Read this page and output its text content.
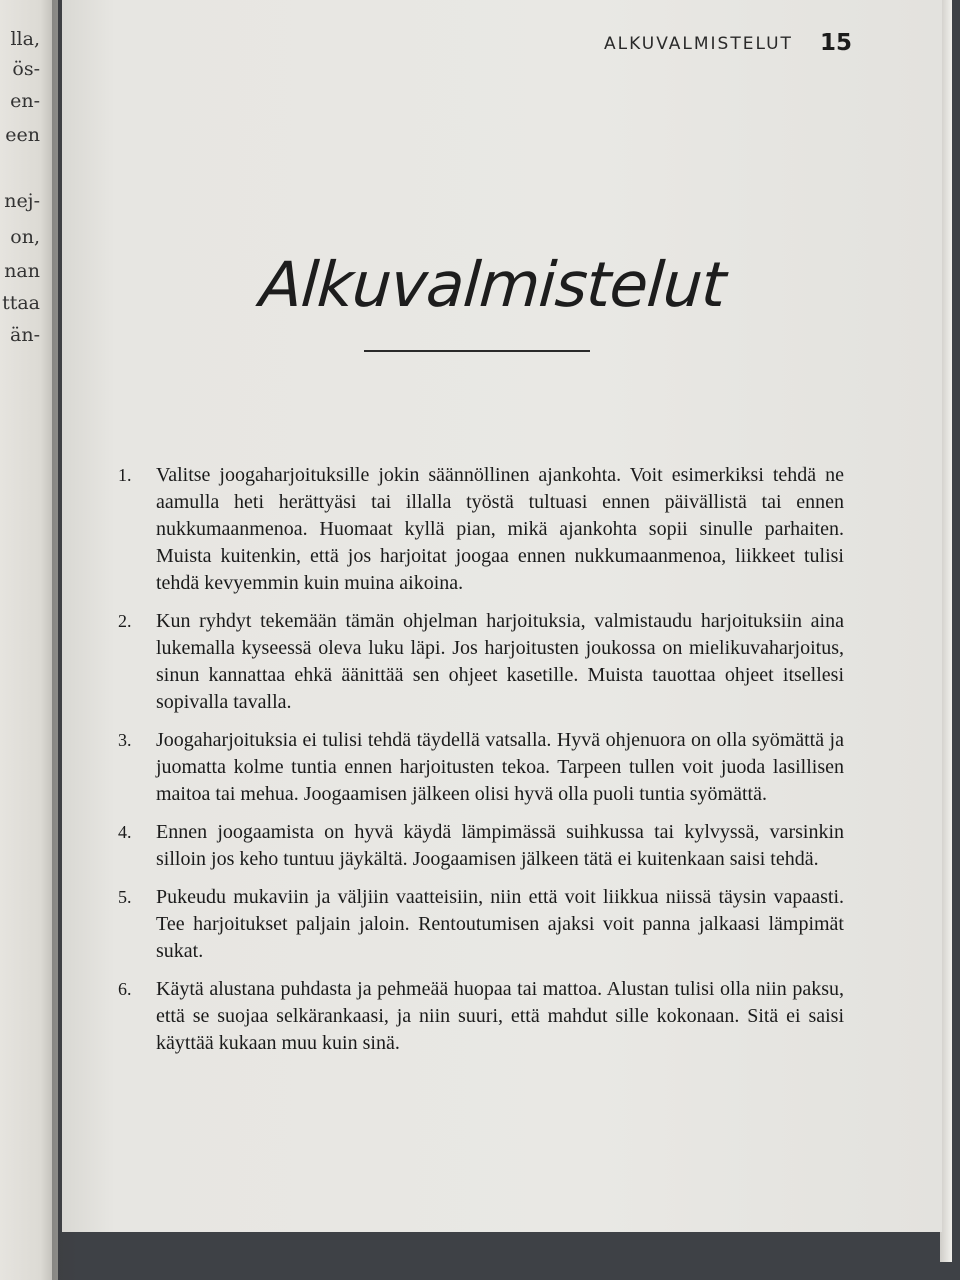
lla,
ös-
en-
een
nej-
on,
nan
ttaa
än-
ALKUVALMISTELUT 15
Alkuvalmistelut
1. Valitse joogaharjoituksille jokin säännöllinen ajankohta. Voit esimerkiksi tehdä ne aamulla heti herättyäsi tai illalla työstä tultuasi ennen päivällistä tai ennen nukkumaanmenoa. Huomaat kyllä pian, mikä ajankohta sopii sinulle parhaiten. Muista kuitenkin, että jos harjoitat joogaa ennen nukkumaanmenoa, liikkeet tulisi tehdä kevyemmin kuin muina aikoina.
2. Kun ryhdyt tekemään tämän ohjelman harjoituksia, valmistaudu harjoituksiin aina lukemalla kyseessä oleva luku läpi. Jos harjoitusten joukossa on mielikuvaharjoitus, sinun kannattaa ehkä äänittää sen ohjeet kasetille. Muista tauottaa ohjeet itsellesi sopivalla tavalla.
3. Joogaharjoituksia ei tulisi tehdä täydellä vatsalla. Hyvä ohjenuora on olla syömättä ja juomatta kolme tuntia ennen harjoitusten tekoa. Tarpeen tullen voit juoda lasillisen maitoa tai mehua. Joogaamisen jälkeen olisi hyvä olla puoli tuntia syömättä.
4. Ennen joogaamista on hyvä käydä lämpimässä suihkussa tai kylvyssä, varsinkin silloin jos keho tuntuu jäykältä. Joogaamisen jälkeen tätä ei kuitenkaan saisi tehdä.
5. Pukeudu mukaviin ja väljiin vaatteisiin, niin että voit liikkua niissä täysin vapaasti. Tee harjoitukset paljain jaloin. Rentoutumisen ajaksi voit panna jalkaasi lämpimät sukat.
6. Käytä alustana puhdasta ja pehmeää huopaa tai mattoa. Alustan tulisi olla niin paksu, että se suojaa selkärankaasi, ja niin suuri, että mahdut sille kokonaan. Sitä ei saisi käyttää kukaan muu kuin sinä.
